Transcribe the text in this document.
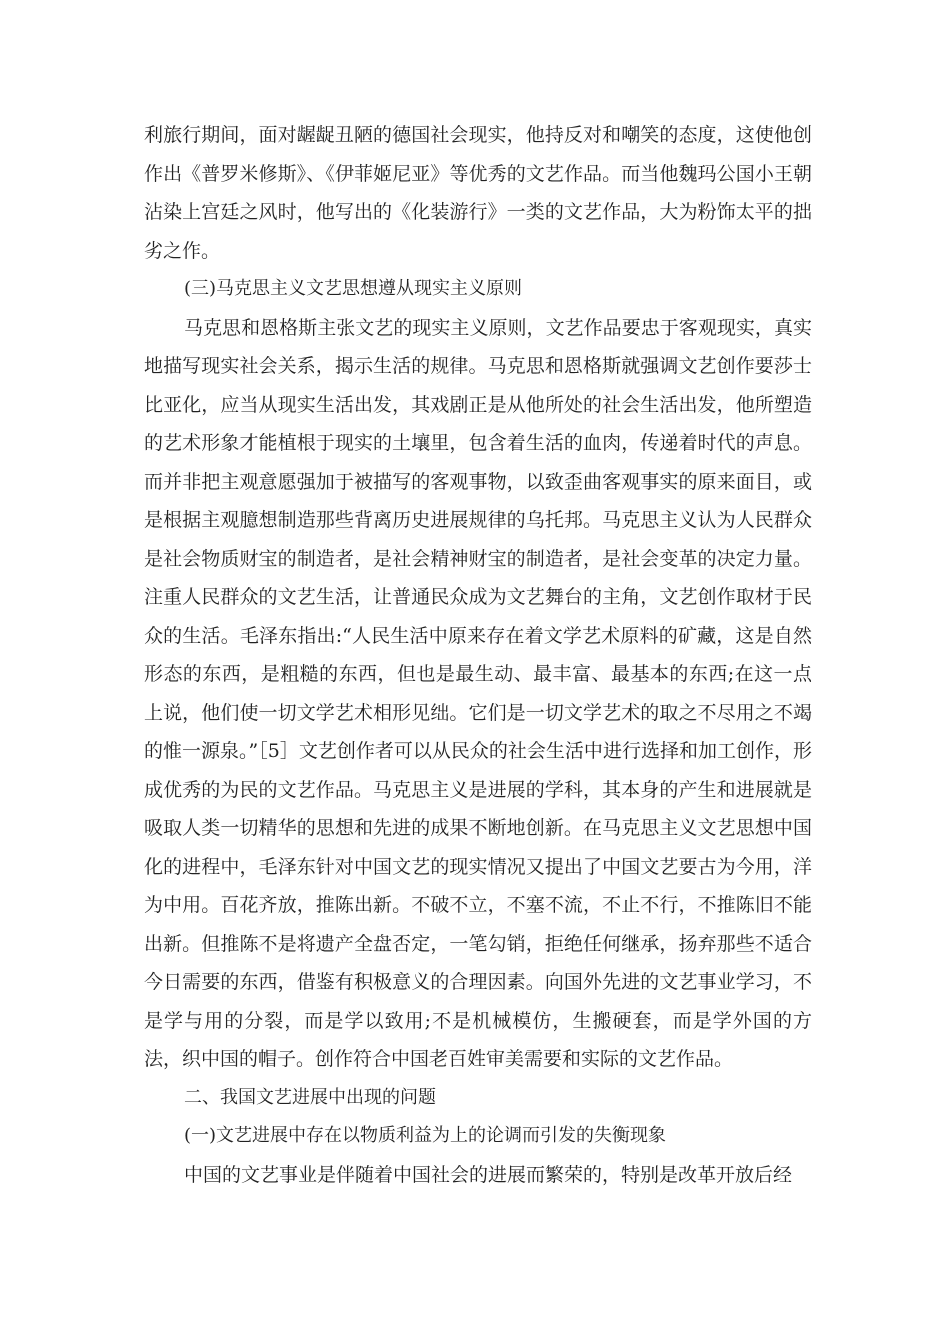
利旅行期间，面对龌龊丑陋的德国社会现实，他持反对和嘲笑的态度，这使他创作出《普罗米修斯》、《伊菲姬尼亚》等优秀的文艺作品。而当他魏玛公国小王朝沾染上宫廷之风时，他写出的《化装游行》一类的文艺作品，大为粉饰太平的拙劣之作。

(三)马克思主义文艺思想遵从现实主义原则

马克思和恩格斯主张文艺的现实主义原则，文艺作品要忠于客观现实，真实地描写现实社会关系，揭示生活的规律。马克思和恩格斯就强调文艺创作要莎士比亚化，应当从现实生活出发，其戏剧正是从他所处的社会生活出发，他所塑造的艺术形象才能植根于现实的土壤里，包含着生活的血肉，传递着时代的声息。而并非把主观意愿强加于被描写的客观事物，以致歪曲客观事实的原来面目，或是根据主观臆想制造那些背离历史进展规律的乌托邦。马克思主义认为人民群众是社会物质财宝的制造者，是社会精神财宝的制造者，是社会变革的决定力量。注重人民群众的文艺生活，让普通民众成为文艺舞台的主角，文艺创作取材于民众的生活。毛泽东指出:“人民生活中原来存在着文学艺术原料的矿藏，这是自然形态的东西，是粗糙的东西，但也是最生动、最丰富、最基本的东西;在这一点上说，他们使一切文学艺术相形见绌。它们是一切文学艺术的取之不尽用之不竭的惟一源泉。”［5］文艺创作者可以从民众的社会生活中进行选择和加工创作，形成优秀的为民的文艺作品。马克思主义是进展的学科，其本身的产生和进展就是吸取人类一切精华的思想和先进的成果不断地创新。在马克思主义文艺思想中国化的进程中，毛泽东针对中国文艺的现实情况又提出了中国文艺要古为今用，洋为中用。百花齐放，推陈出新。不破不立，不塞不流，不止不行，不推陈旧不能出新。但推陈不是将遗产全盘否定，一笔勾销，拒绝任何继承，扬弃那些不适合今日需要的东西，借鉴有积极意义的合理因素。向国外先进的文艺事业学习，不是学与用的分裂，而是学以致用;不是机械模仿，生搬硬套，而是学外国的方法，织中国的帽子。创作符合中国老百姓审美需要和实际的文艺作品。

二、我国文艺进展中出现的问题

(一)文艺进展中存在以物质利益为上的论调而引发的失衡现象

中国的文艺事业是伴随着中国社会的进展而繁荣的，特别是改革开放后经
